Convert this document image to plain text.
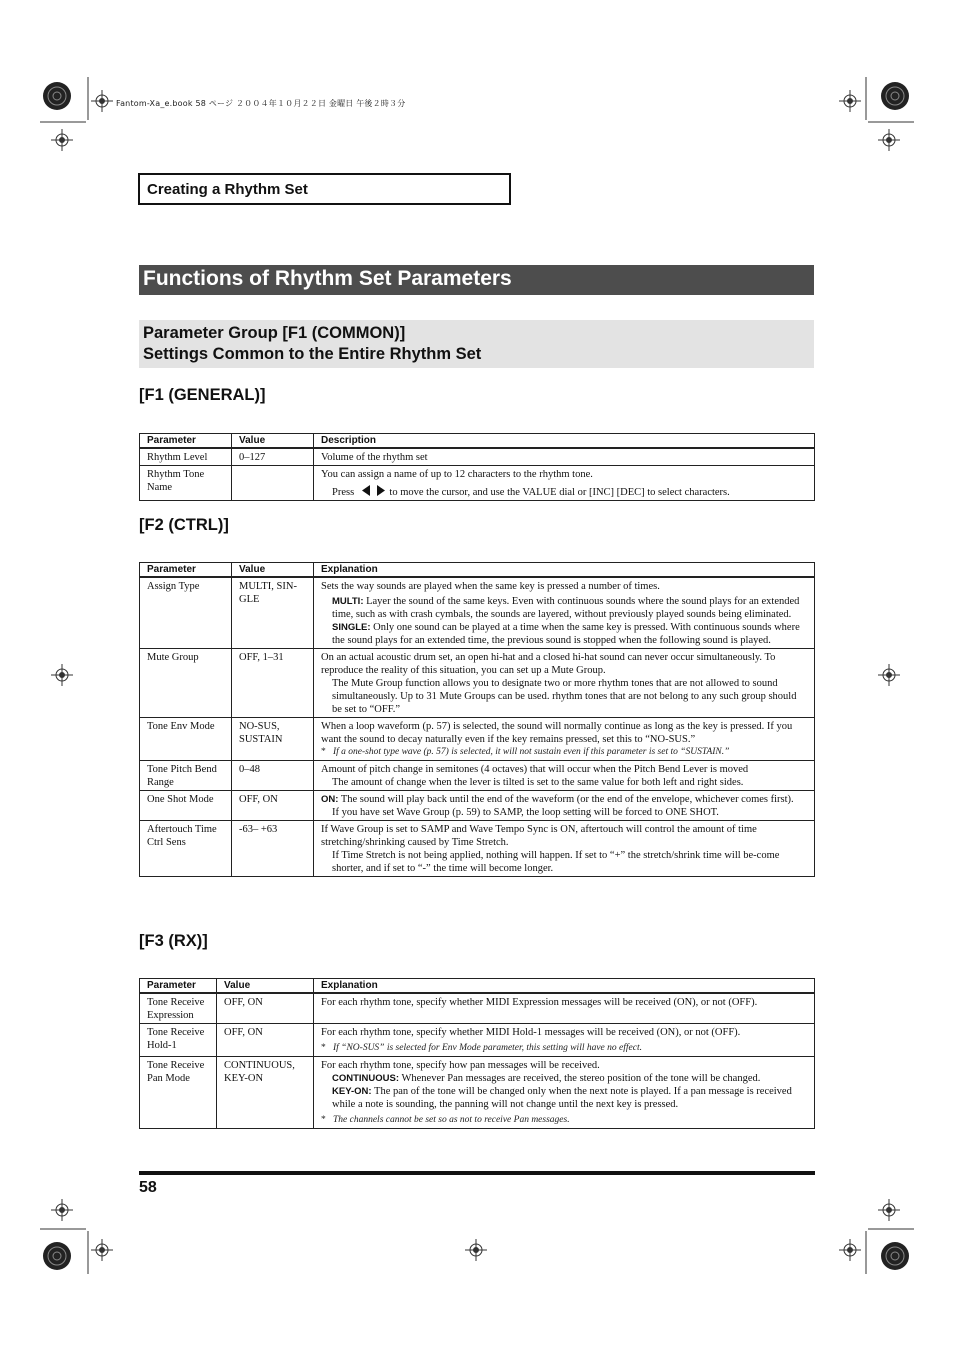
Fantom-Xa_e.book 58 ページ ２００４年１０月２２日 金曜日 午後２時３分
Creating a Rhythm Set
Functions of Rhythm Set Parameters
Parameter Group [F1 (COMMON)]
Settings Common to the Entire Rhythm Set
[F1 (GENERAL)]
Parameter	Value	Description
Rhythm Level	0–127	Volume of the rhythm set
Rhythm Tone Name		You can assign a name of up to 12 characters to the rhythm tone.
Press to move the cursor, and use the VALUE dial or [INC] [DEC] to select characters.
[F2 (CTRL)]
Parameter	Value	Explanation
Assign Type	MULTI, SIN-GLE	Sets the way sounds are played when the same key is pressed a number of times.
MULTI: Layer the sound of the same keys. Even with continuous sounds where the sound plays for an extended time, such as with crash cymbals, the sounds are layered, without previously played sounds being eliminated.
SINGLE: Only one sound can be played at a time when the same key is pressed. With continuous sounds where the sound plays for an extended time, the previous sound is stopped when the following sound is played.

Mute Group	OFF, 1–31	On an actual acoustic drum set, an open hi-hat and a closed hi-hat sound can never occur simultaneously. To reproduce the reality of this situation, you can set up a Mute Group.
The Mute Group function allows you to designate two or more rhythm tones that are not allowed to sound simultaneously. Up to 31 Mute Groups can be used. rhythm tones that are not belong to any such group should be set to “OFF.”

Tone Env Mode	NO-SUS, SUSTAIN	When a loop waveform (p. 57) is selected, the sound will normally continue as long as the key is pressed. If you want the sound to decay naturally even if the key remains pressed, set this to “NO-SUS.”
* If a one-shot type wave (p. 57) is selected, it will not sustain even if this parameter is set to “SUSTAIN.”

Tone Pitch Bend Range	0–48	Amount of pitch change in semitones (4 octaves) that will occur when the Pitch Bend Lever is moved
The amount of change when the lever is tilted is set to the same value for both left and right sides.

One Shot Mode	OFF, ON	ON: The sound will play back until the end of the waveform (or the end of the envelope, whichever comes first).
If you have set Wave Group (p. 59) to SAMP, the loop setting will be forced to ONE SHOT.

Aftertouch Time Ctrl Sens	-63– +63	If Wave Group is set to SAMP and Wave Tempo Sync is ON, aftertouch will control the amount of time stretching/shrinking caused by Time Stretch.
If Time Stretch is not being applied, nothing will happen. If set to “+” the stretch/shrink time will be-come shorter, and if set to “-” the time will become longer.
[F3 (RX)]
Parameter	Value	Explanation
Tone Receive Expression	OFF, ON	For each rhythm tone, specify whether MIDI Expression messages will be received (ON), or not (OFF).
Tone Receive Hold-1	OFF, ON	For each rhythm tone, specify whether MIDI Hold-1 messages will be received (ON), or not (OFF).
* If “NO-SUS” is selected for Env Mode parameter, this setting will have no effect.

Tone Receive Pan Mode	CONTINUOUS, KEY-ON	For each rhythm tone, specify how pan messages will be received.
CONTINUOUS: Whenever Pan messages are received, the stereo position of the tone will be changed.
KEY-ON: The pan of the tone will be changed only when the next note is played. If a pan message is received while a note is sounding, the panning will not change until the next key is pressed.
* The channels cannot be set so as not to receive Pan messages.
58
